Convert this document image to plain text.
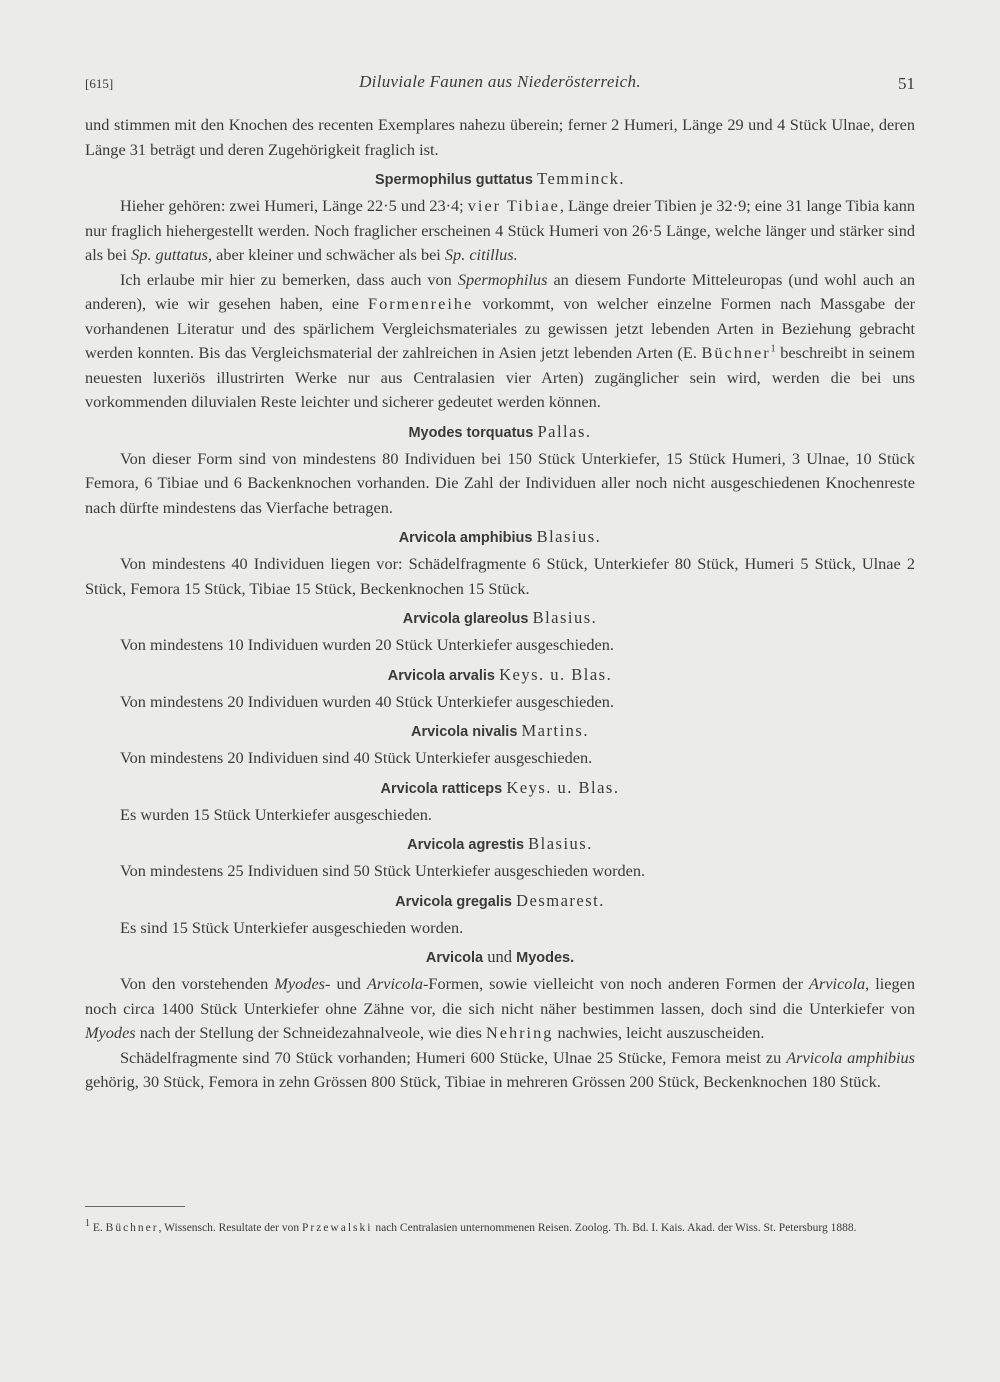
[615]	Diluviale Faunen aus Niederösterreich.	51

und stimmen mit den Knochen des recenten Exemplares nahezu überein; ferner 2 Humeri, Länge 29 und 4 Stück Ulnae, deren Länge 31 beträgt und deren Zugehörigkeit fraglich ist.

Spermophilus guttatus Temminck.

Hieher gehören: zwei Humeri, Länge 22·5 und 23·4; vier Tibiae, Länge dreier Tibien je 32·9; eine 31 lange Tibia kann nur fraglich hiehergestellt werden. Noch fraglicher erscheinen 4 Stück Humeri von 26·5 Länge, welche länger und stärker sind als bei Sp. guttatus, aber kleiner und schwächer als bei Sp. citillus.

Ich erlaube mir hier zu bemerken, dass auch von Spermophilus an diesem Fundorte Mitteleuropas (und wohl auch an anderen), wie wir gesehen haben, eine Formenreihe vorkommt, von welcher einzelne Formen nach Massgabe der vorhandenen Literatur und des spärlichem Vergleichsmateriales zu gewissen jetzt lebenden Arten in Beziehung gebracht werden konnten. Bis das Vergleichsmaterial der zahlreichen in Asien jetzt lebenden Arten (E. Büchner$^1$ beschreibt in seinem neuesten luxeriös illustrirten Werke nur aus Centralasien vier Arten) zugänglicher sein wird, werden die bei uns vorkommenden diluvialen Reste leichter und sicherer gedeutet werden können.

Myodes torquatus Pallas.

Von dieser Form sind von mindestens 80 Individuen bei 150 Stück Unterkiefer, 15 Stück Humeri, 3 Ulnae, 10 Stück Femora, 6 Tibiae und 6 Backenknochen vorhanden. Die Zahl der Individuen aller noch nicht ausgeschiedenen Knochenreste nach dürfte mindestens das Vierfache betragen.

Arvicola amphibius Blasius.

Von mindestens 40 Individuen liegen vor: Schädelfragmente 6 Stück, Unterkiefer 80 Stück, Humeri 5 Stück, Ulnae 2 Stück, Femora 15 Stück, Tibiae 15 Stück, Beckenknochen 15 Stück.

Arvicola glareolus Blasius.

Von mindestens 10 Individuen wurden 20 Stück Unterkiefer ausgeschieden.

Arvicola arvalis Keys. u. Blas.

Von mindestens 20 Individuen wurden 40 Stück Unterkiefer ausgeschieden.

Arvicola nivalis Martins.

Von mindestens 20 Individuen sind 40 Stück Unterkiefer ausgeschieden.

Arvicola ratticeps Keys. u. Blas.

Es wurden 15 Stück Unterkiefer ausgeschieden.

Arvicola agrestis Blasius.

Von mindestens 25 Individuen sind 50 Stück Unterkiefer ausgeschieden worden.

Arvicola gregalis Desmarest.

Es sind 15 Stück Unterkiefer ausgeschieden worden.

Arvicola und Myodes.

Von den vorstehenden Myodes- und Arvicola-Formen, sowie vielleicht von noch anderen Formen der Arvicola, liegen noch circa 1400 Stück Unterkiefer ohne Zähne vor, die sich nicht näher bestimmen lassen, doch sind die Unterkiefer von Myodes nach der Stellung der Schneidezahnalveole, wie dies Nehring nachwies, leicht auszuscheiden.

Schädelfragmente sind 70 Stück vorhanden; Humeri 600 Stücke, Ulnae 25 Stücke, Femora meist zu Arvicola amphibius gehörig, 30 Stück, Femora in zehn Grössen 800 Stück, Tibiae in mehreren Grössen 200 Stück, Beckenknochen 180 Stück.

$^1$ E. Büchner, Wissensch. Resultate der von Przewalski nach Centralasien unternommenen Reisen. Zoolog. Th. Bd. I. Kais. Akad. der Wiss. St. Petersburg 1888.
